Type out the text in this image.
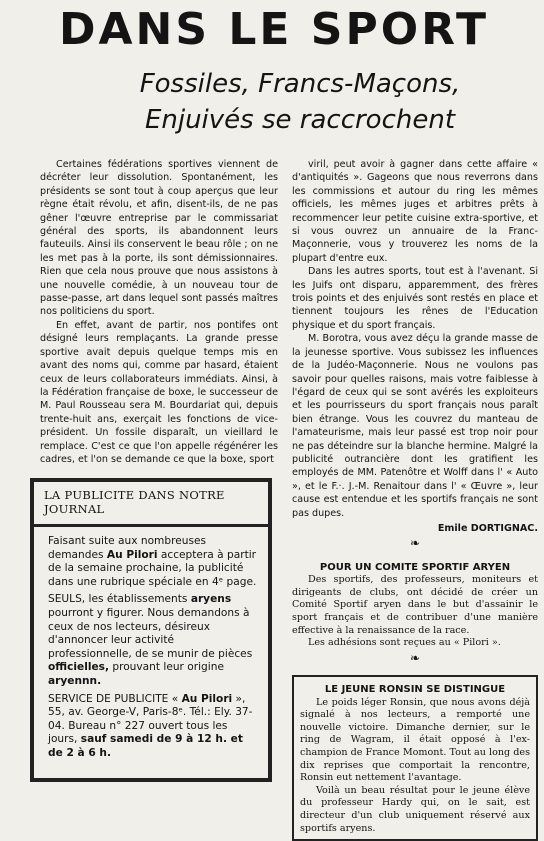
DANS LE SPORT
Fossiles, Francs-Maçons,
Enjuivés se raccrochent

Certaines fédérations sportives viennent de décréter leur dissolution. Spontanément, les présidents se sont tout à coup aperçus que leur règne était révolu, et afin, disent-ils, de ne pas gêner l'œuvre entreprise par le commissariat général des sports, ils abandonnent leurs fauteuils. Ainsi ils conservent le beau rôle ; on ne les met pas à la porte, ils sont démissionnaires. Rien que cela nous prouve que nous assistons à une nouvelle comédie, à un nouveau tour de passe-passe, art dans lequel sont passés maîtres nos politiciens du sport.

En effet, avant de partir, nos pontifes ont désigné leurs remplaçants. La grande presse sportive avait depuis quelque temps mis en avant des noms qui, comme par hasard, étaient ceux de leurs collaborateurs immédiats. Ainsi, à la Fédération française de boxe, le successeur de M. Paul Rousseau sera M. Bourdariat qui, depuis trente-huit ans, exerçait les fonctions de vice-président. Un fossile disparaît, un vieillard le remplace. C'est ce que l'on appelle régénérer les cadres, et l'on se demande ce que la boxe, sport

viril, peut avoir à gagner dans cette affaire « d'antiquités ». Gageons que nous reverrons dans les commissions et autour du ring les mêmes officiels, les mêmes juges et arbitres prêts à recommencer leur petite cuisine extra-sportive, et si vous ouvrez un annuaire de la Franc-Maçonnerie, vous y trouverez les noms de la plupart d'entre eux.

Dans les autres sports, tout est à l'avenant. Si les Juifs ont disparu, apparemment, des frères trois points et des enjuivés sont restés en place et tiennent toujours les rênes de l'Education physique et du sport français.

M. Borotra, vous avez déçu la grande masse de la jeunesse sportive. Vous subissez les influences de la Judéo-Maçonnerie. Nous ne voulons pas savoir pour quelles raisons, mais votre faiblesse à l'égard de ceux qui se sont avérés les exploiteurs et les pourrisseurs du sport français nous paraît bien étrange. Vous les couvrez du manteau de l'amateurisme, mais leur passé est trop noir pour ne pas déteindre sur la blanche hermine. Malgré la publicité outrancière dont les gratifient les employés de MM. Patenôtre et Wolff dans l' « Auto », et le F.·. J.-M. Renaitour dans l' « Œuvre », leur cause est entendue et les sportifs français ne sont pas dupes.

Emile DORTIGNAC.
❧
POUR UN COMITE SPORTIF ARYEN

Des sportifs, des professeurs, moniteurs et dirigeants de clubs, ont décidé de créer un Comité Sportif aryen dans le but d'assainir le sport français et de contribuer d'une manière effective à la renaissance de la race.

Les adhésions sont reçues au « Pilori ».

❧
LE JEUNE RONSIN SE DISTINGUE

Le poids léger Ronsin, que nous avons déjà signalé à nos lecteurs, a remporté une nouvelle victoire. Dimanche dernier, sur le ring de Wagram, il était opposé à l'ex-champion de France Momont. Tout au long des dix reprises que comportait la rencontre, Ronsin eut nettement l'avantage.

Voilà un beau résultat pour le jeune élève du professeur Hardy qui, on le sait, est directeur d'un club uniquement réservé aux sportifs aryens.

LA PUBLICITE DANS NOTRE JOURNAL

Faisant suite aux nombreuses demandes Au Pilori acceptera à partir de la semaine prochaine, la publicité dans une rubrique spéciale en 4ᵉ page.

SEULS, les établissements aryens pourront y figurer. Nous demandons à ceux de nos lecteurs, désireux d'annoncer leur activité professionnelle, de se munir de pièces officielles, prouvant leur origine aryennn.

SERVICE DE PUBLICITE « Au Pilori », 55, av. George-V, Paris-8ᵉ. Tél.: Ely. 37-04. Bureau n° 227 ouvert tous les jours, sauf samedi de 9 à 12 h. et de 2 à 6 h.
